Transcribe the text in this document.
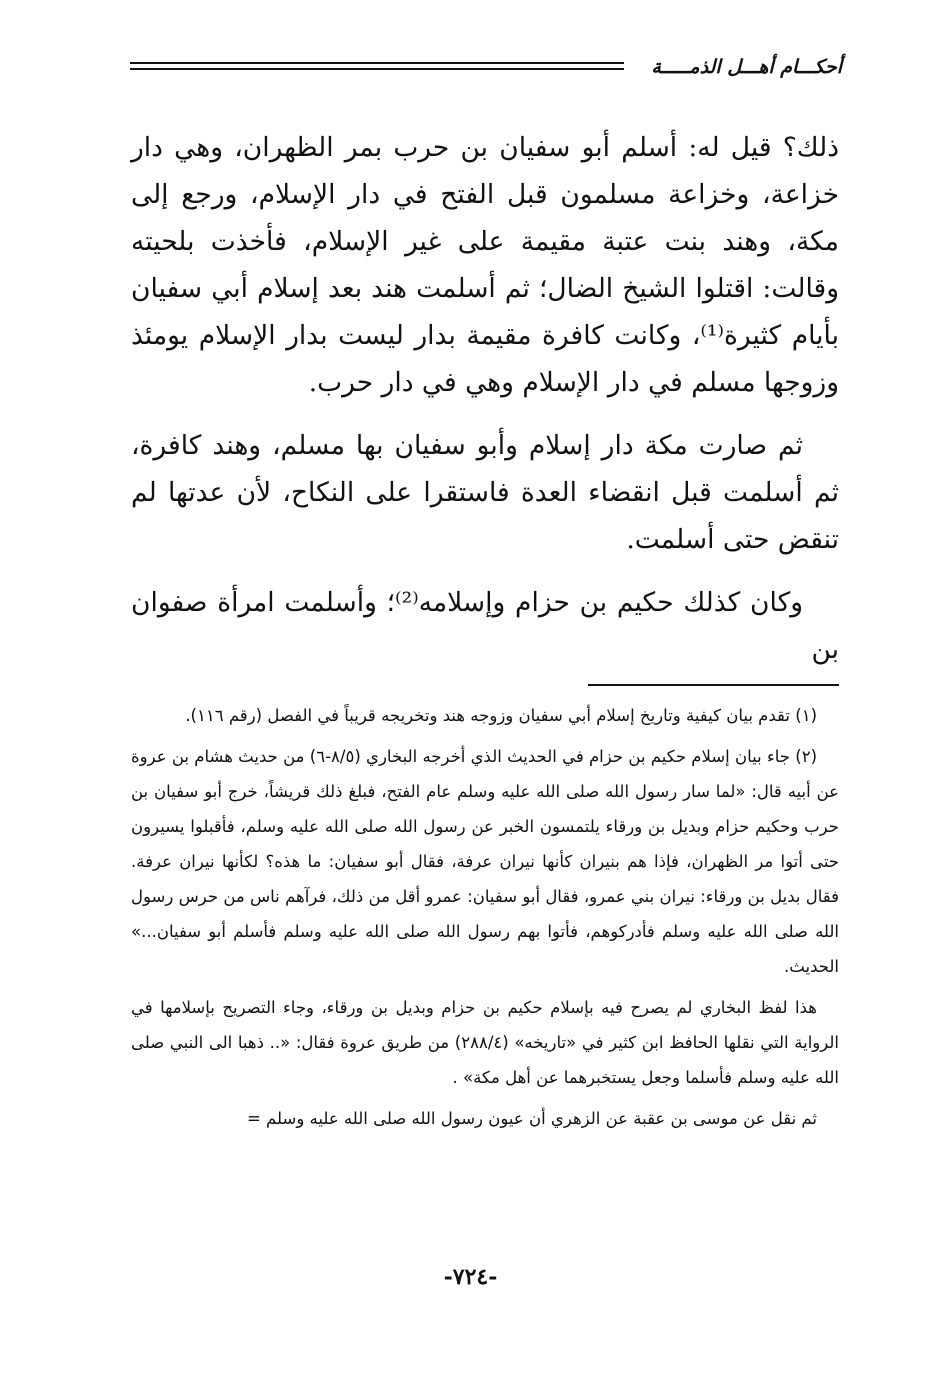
أحكـــام أهـــل الذمـــــة

ذلك؟ قيل له: أسلم أبو سفيان بن حرب بمر الظهران، وهي دار خزاعة، وخزاعة مسلمون قبل الفتح في دار الإسلام، ورجع إلى مكة، وهند بنت عتبة مقيمة على غير الإسلام، فأخذت بلحيته وقالت: اقتلوا الشيخ الضال؛ ثم أسلمت هند بعد إسلام أبي سفيان بأيام كثيرة⁽¹⁾، وكانت كافرة مقيمة بدار ليست بدار الإسلام يومئذ وزوجها مسلم في دار الإسلام وهي في دار حرب.

ثم صارت مكة دار إسلام وأبو سفيان بها مسلم، وهند كافرة، ثم أسلمت قبل انقضاء العدة فاستقرا على النكاح، لأن عدتها لم تنقض حتى أسلمت.

وكان كذلك حكيم بن حزام وإسلامه⁽²⁾؛ وأسلمت امرأة صفوان بن

(١) تقدم بيان كيفية وتاريخ إسلام أبي سفيان وزوجه هند وتخريجه قريباً في الفصل (رقم ١١٦).

(٢) جاء بيان إسلام حكيم بن حزام في الحديث الذي أخرجه البخاري (٨/٥-٦) من حديث هشام بن عروة عن أبيه قال: «لما سار رسول الله صلى الله عليه وسلم عام الفتح، فبلغ ذلك قريشاً، خرج أبو سفيان بن حرب وحكيم حزام وبديل بن ورقاء يلتمسون الخبر عن رسول الله صلى الله عليه وسلم، فأقبلوا يسيرون حتى أتوا مر الظهران، فإذا هم بنيران كأنها نيران عرفة، فقال أبو سفيان: ما هذه؟ لكأنها نيران عرفة. فقال بديل بن ورقاء: نيران بني عمرو، فقال أبو سفيان: عمرو أقل من ذلك، فرآهم ناس من حرس رسول الله صلى الله عليه وسلم فأدركوهم، فأتوا بهم رسول الله صلى الله عليه وسلم فأسلم أبو سفيان...» الحديث.

هذا لفظ البخاري لم يصرح فيه بإسلام حكيم بن حزام وبديل بن ورقاء، وجاء التصريح بإسلامها في الرواية التي نقلها الحافظ ابن كثير في «تاريخه» (٢٨٨/٤) من طريق عروة فقال: «.. ذهبا الى النبي صلى الله عليه وسلم فأسلما وجعل يستخبرهما عن أهل مكة» .

ثم نقل عن موسى بن عقبة عن الزهري أن عيون رسول الله صلى الله عليه وسلم =

-٧٢٤-
